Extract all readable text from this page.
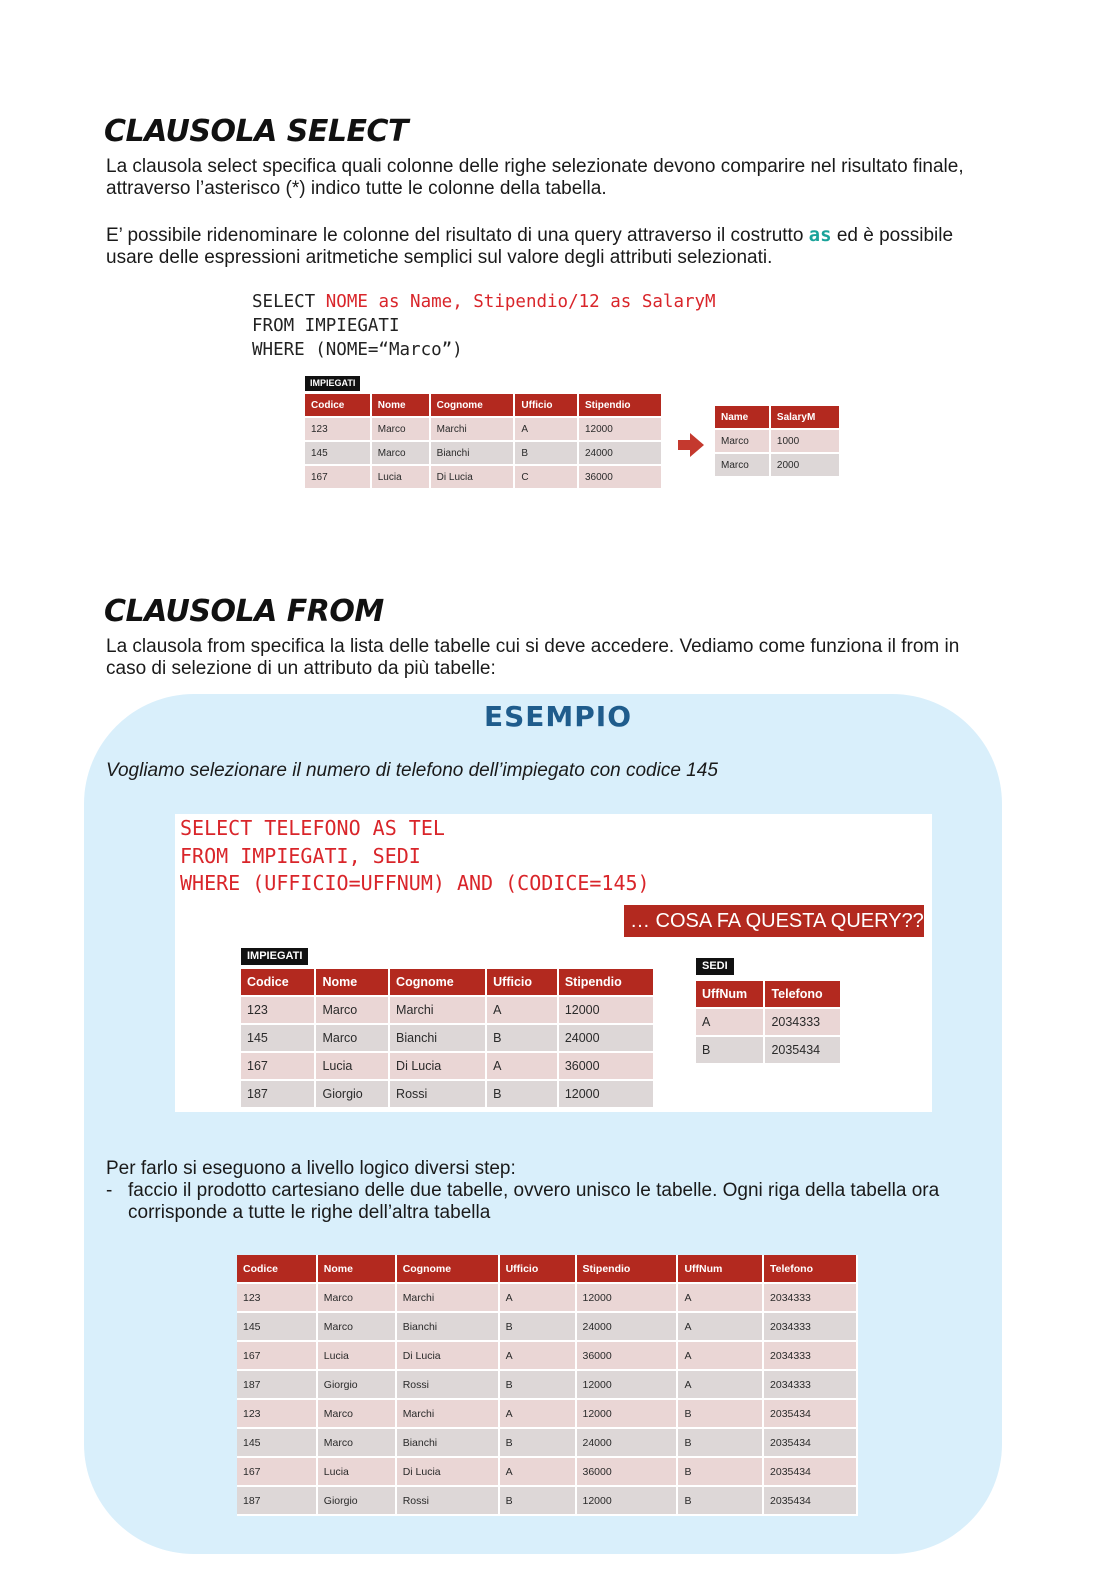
CLAUSOLA SELECT

La clausola select specifica quali colonne delle righe selezionate devono comparire nel risultato finale, attraverso l’asterisco (*) indico tutte le colonne della tabella.

E’ possibile ridenominare le colonne del risultato di una query attraverso il costrutto as ed è possibile usare delle espressioni aritmetiche semplici sul valore degli attributi selezionati.

SELECT NOME as Name, Stipendio/12 as SalaryM
FROM IMPIEGATI
WHERE (NOME=“Marco”)
IMPIEGATI
Codice	Nome	Cognome	Ufficio	Stipendio
123	Marco	Marchi	A	12000
145	Marco	Bianchi	B	24000
167	Lucia	Di Lucia	C	36000
Name	SalaryM
Marco	1000
Marco	2000
CLAUSOLA FROM

La clausola from specifica la lista delle tabelle cui si deve accedere. Vediamo come funziona il from in caso di selezione di un attributo da più tabelle:

ESEMPIO

Vogliamo selezionare il numero di telefono dell’impiegato con codice 145

SELECT TELEFONO AS TEL
FROM IMPIEGATI, SEDI
WHERE (UFFICIO=UFFNUM) AND (CODICE=145)
… COSA FA QUESTA QUERY??
IMPIEGATI
Codice	Nome	Cognome	Ufficio	Stipendio
123	Marco	Marchi	A	12000
145	Marco	Bianchi	B	24000
167	Lucia	Di Lucia	A	36000
187	Giorgio	Rossi	B	12000
SEDI
UffNum	Telefono
A	2034333
B	2035434
Per farlo si eseguono a livello logico diversi step:
- faccio il prodotto cartesiano delle due tabelle, ovvero unisco le tabelle. Ogni riga della tabella ora corrisponde a tutte le righe dell’altra tabella
Codice	Nome	Cognome	Ufficio	Stipendio	UffNum	Telefono
123	Marco	Marchi	A	12000	A	2034333
145	Marco	Bianchi	B	24000	A	2034333
167	Lucia	Di Lucia	A	36000	A	2034333
187	Giorgio	Rossi	B	12000	A	2034333
123	Marco	Marchi	A	12000	B	2035434
145	Marco	Bianchi	B	24000	B	2035434
167	Lucia	Di Lucia	A	36000	B	2035434
187	Giorgio	Rossi	B	12000	B	2035434
